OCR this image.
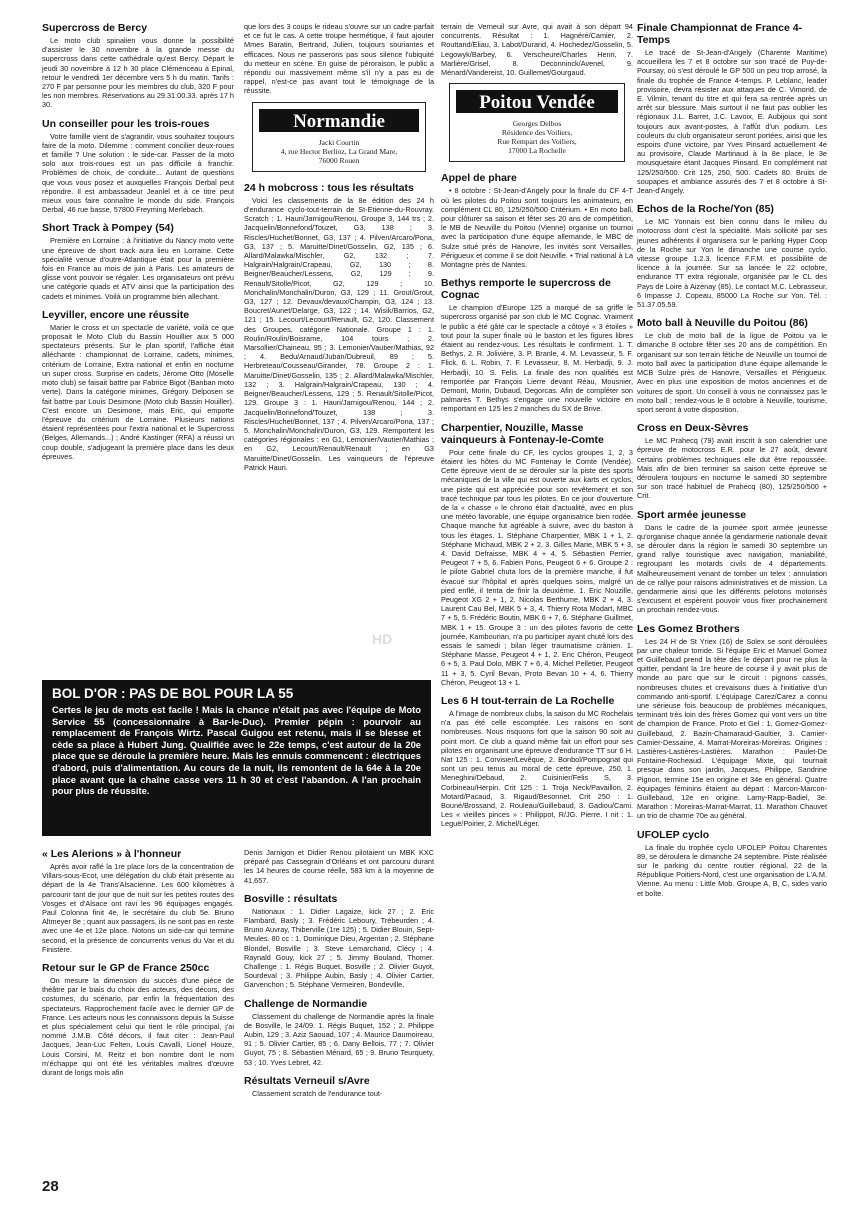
Supercross de Bercy

Le moto club spinalien vous donne la possibilité d'assister le 30 novembre à la grande messe du supercross dans cette cathédrale qu'est Bercy. Départ le jeudi 30 novembre à 12 h 30 place Clémenceau à Epinal, retour le vendredi 1er décembre vers 5 h du matin. Tarifs : 270 F par personne pour les membres du club, 320 F pour les non membres. Réservations au 29.31.00.33. après 17 h 30.

Un conseiller pour les trois-roues

Votre famille vient de s'agrandir, vous souhaitez toujours faire de la moto. Dilemme : comment concilier deux-roues et famille ? Une solution : le side-car. Passer de la moto solo aux trois-roues est un pas difficile à franchir. Problèmes de choix, de conduite... Autant de questions que vous vous posez et auxquelles François Derbal peut répondre. Il est ambassadeur Jeanlel et à ce titre peut mieux vous faire connaître le monde du side. François Derbal, 46 rue basse, 57800 Freyming Merlebach.

Short Track à Pompey (54)

Première en Lorraine : à l'initiative du Nancy moto verte une épreuve de short track aura lieu en Lorraine. Cette spécialité venue d'outre-Atlantique était pour la première fois en France au mois de juin à Paris. Les amateurs de glisse vont pouvoir se régaler. Les organisateurs ont prévu une catégorie quads et ATV ainsi que la participation des cadets et minimes. Voilà un programme bien allechant.

Leyviller, encore une réussite

Marier le cross et un spectacle de variété, voilà ce que proposait le Moto Club du Bassin Houillier aux 5 000 spectateurs présents. Sur le plan sportif, l'affiche était alléchante : championnat de Lorraine, cadets, minimes, critérium de Lorraine, Extra national et enfin en nocturne un super cross. Surprise en cadets, Jérome Otto (Moselle moto club) se faisait battre par Fabrice Bigot (Banban moto verte). Dans la catégorie minimes, Grégory Delposen se fait battre par Louis Desimone (Moto club Bassin Houiller). C'est encore un Desimone, mais Eric, qui emporte l'épreuve du critérium de Lorraine. Plusieurs nations étaient représentées pour l'extra national et le Supercross (Belges, Allemands...) ; André Kastinger (RFA) a réussi un coup double, s'adjugeant la première place dans les deux épreuves.

que lors des 3 coups le rideau s'ouvre sur un cadre parfait et ce fut le cas. A cette troupe hermétique, il faut ajouter Mmes Baratin, Bertrand, Julien, toujours souriantes et efficaces. Nous ne passerons pas sous silence l'ubiquité du metteur en scène. En guise de péroraison, le public a répondu oui massivement même s'il n'y a pas eu de rappel, n'est-ce pas avant tout le témoignage de la réussite.

Normandie
Jacki Courtin
4, rue Hector Berlioz, La Grand Mare,
76000 Rouen
24 h mobcross : tous les résultats

Voici les classements de la 8e édition des 24 h d'endurance cyclo-tout-terrain de St-Etienne-du-Rouvray. Scratch : 1. Hauri/Jarnigou/Renou, Groupe 3, 144 trs ; 2. Jacquelin/Bonnefond/Touzet, G3, 138 ; 3. Riscles/Huchet/Bonnet, G3, 137 ; 4. Pilven/Arcaro/Pona, G3, 137 ; 5. Maruitte/Dinet/Gosselin, G2, 135 ; 6. Allard/Malawka/Mischler, G2, 132 ; 7. Halgrain/Halgrain/Crapeau, G2, 130 ; 8. Beigner/Beaucher/Lessens, G2, 129 ; 9. Renault/Sitolle/Picot, G2, 129 ; 10. Monchalin/Monchalin/Duron, G3, 129 ; 11. Grout/Grout, G3, 127 ; 12. Devaux/devaux/Champin, G3, 124 ; 13. Boucret/Aunet/Delarge, G3, 122 ; 14. Wisik/Barrios, G2, 121 ; 15. Lecourt/Lecourt/Renault, G2, 120. Classement des Groupes, catégorie Nationale. Groupe 1 : 1. Roulin/Roulin/Boisrame, 104 tours ; 2. Marsollier/Chaineau, 95 ; 3. Lemonier/Vautier/Mathias, 92 ; 4. Bedu/Arnaud/Juban/Dubreuil, 89 ; 5. Herbreteau/Cousseau/Girander, 78. Groupe 2 : 1. Maruitte/Dinet/Gosselin, 135 ; 2. Allard/Malawka/Mischler, 132 ; 3. Halgrain/Halgrain/Crapeau, 130 ; 4. Beigner/Beaucher/Lessens, 129 ; 5. Renault/Sitolle/Picot, 129. Groupe 3 : 1. Hauri/Jarnigou/Renou, 144 ; 2. Jacquelin/Bonnefond/Touzet, 138 ; 3. Riscles/Huchet/Bonnet, 137 ; 4. Pilven/Arcaro/Pona, 137 ; 5. Monchalin/Monchalin/Duron, G3, 129. Remportent les catégories régionales : en G1, Lemonier/Vautier/Mathias ; en G2, Lecourt/Renault/Renault ; en G3 Maruitte/Dinet/Gosselin. Les vainqueurs de l'épreuve Patrick Hauri.

terrain de Verneuil sur Avre, qui avait à son départ 94 concurrents. Résultat : 1. Hagnéré/Camier, 2. Routtand/Eliau, 3. Labot/Durand, 4. Hochedez/Gosselin, 5. Legowyk/Barbey, 6. Verscheure/Charles Henri, 7. Marlière/Grisel, 8. Deconninck/Avenel, 9. Ménard/Vandereist, 10. Guillemet/Gourgaud.

Poitou Vendée
Georges Delbos
Résidence des Voiliers,
Rue Rempart des Voiliers,
17000 La Rochelle
Appel de phare

• 8 octobre : St-Jean-d'Angely pour la finale du CF 4-T où les pilotes du Poitou sont toujours les animateurs, en complément CL 80, 125/250/500 Critérium. • En moto ball, pour clôturer sa saison et fêter ses 20 ans de compétition, le MB de Neuville du Poitou (Vienne) organise un tournoi avec la participation d'une équipe allemande, le MBC de Sulze situé près de Hanovre, les invités sont Versailles, Périgueux et comme il se doit Neuville. • Trial national à La Montagne près de Nantes.

Bethys remporte le supercross de Cognac

Le champion d'Europe 125 a marqué de sa griffe le supercross organisé par son club le MC Cognac. Vraiment le public a été gâté car le spectacle a côtoyé « 3 étoiles » tout pour la super finale où le baston et les figures libres étaient au rendez-vous. Les résultats le confirment. 1. T. Bethys, 2. R. Jolivière, 3. P. Branle, 4. M. Levasseur, 5. F. Flick, 6. L. Robin, 7. F. Levasseur, 8. M. Herbadji, 9. J. Herbadji, 10. S. Felis. La finale des non qualifiés est remportée par François Lierre devant Réau, Mousnier, Demont, Morin, Dubaud, Degorcas. Afin de compléter son palmarès T. Bethys s'engage une nouvelle victoire en remportant en 125 les 2 manches du SX de Brive.

Charpentier, Nouzille, Masse vainqueurs à Fontenay-le-Comte

Pour cette finale du CF, les cyclos groupes 1, 2, 3 étaient les hôtes du MC Fontenay le Comte (Vendée). Cette épreuve vient de se dérouler sur la piste des sports mécaniques de la ville qui est ouverte aux karts et cyclos, une piste qui est appréciée pour son revêtement et son tracé technique par tous les pilotes. En ce jour d'ouverture de la « chasse » le chrono était d'actualité, avec en plus une météo favorable, une équipe organisatrice bien rodée. Chaque manche fut agréable à suivre, avec du baston à tous les étages. 1. Stéphane Charpentier, MBK 1 + 1, 2. Stéphane Michaud, MBK 2 + 2, 3. Gilles Marie, MBK 5 + 3, 4. David Defraisse, MBK 4 + 4, 5. Sébastien Perrier, Peugeot 7 + 5, 6. Fabien Pons, Peugeot 6 + 6. Groupe 2 : le pilote Gabriel chuta lors de la première manche, il fut évacué sur l'hôpital et après quelques soins, malgré un pied enflé, il tenta de finir la deuxième. 1. Eric Nouzille, Peugeot XG 2 + 1, 2. Nicolas Berthume, MBK 2 + 4, 3. Laurent Cau Bel, MBK 5 + 3, 4. Thierry Rota Modart, MBC 7 + 5, 5. Frédéric Boutin, MBK 6 + 7, 6. Stéphane Guillmet, MBK 1 + 15. Groupe 3 : un des pilotes favoris de cette journée, Kambourian, n'a pu participer ayant chuté lors des essais le samedi ; bilan léger traumatisme crânien. 1. Stéphane Masse, Peugeot 4 + 1, 2. Eric Chéron, Peugeot 6 + 5, 3. Paul Dolo, MBK 7 + 6, 4. Michel Pelletier, Peugeot 11 + 3, 5. Cyril Bevan, Proto Bevan 10 + 4, 6. Thierry Chéron, Peugeot 13 + 1.

Les 6 H tout-terrain de La Rochelle

A l'image de nombreux clubs, la saison du MC Rochelais n'a pas été celle escomptée. Les raisons en sont nombreuses. Nous risquons fort que la saison 90 soit au point mort. Ce club a quand même fait un effort pour ses pilotes en organisant une épreuve d'endurance TT sur 6 H. Nat 125 : 1. Corvisier/Levêque, 2. Bonbol/Pompognat qui sont un peu tenus au moral de cette épreuve, 250. 1. Meneghini/Debaud, 2. Cuisinier/Felis S, 3. Corbineau/Herpin. Crit 125 : 1. Troja Neck/Pavaillon, 2. Motard/Pacaud, 3. Rigaud/Besonnet. Crit 250 : 1. Bouné/Brossand, 2. Rouleau/Guillebaud, 3. Gadiou/Cami. Les « vieilles pinces » : Philippot, R/JG. Pierre. I nit : 1. Leguë/Poirier, 2. Michel/Léger.

Finale Championnat de France 4-Temps

Le tracé de St-Jean-d'Angely (Charente Maritime) accueillera les 7 et 8 octobre sur son tracé de Puy-de-Poursay, où s'est déroulé le GP 500 un peu trop arrosé, la finale du trophée de France 4-temps. P. Leblanc, leader provisoire, devra résister aux attaques de C. Vimond, de E. Vilmin, tenant du titre et qui fera sa rentrée après un arrêt sur blessure. Mais surtout il ne faut pas oublier les régionaux J.L. Barret, J.C. Lavoix, E. Aubijoux qui sont toujours aux avant-postes, à l'affût d'un podium. Les couleurs du club organisateur seront portées, ainsi que les espoirs d'une victoire, par Yves Pinsard actuellement 4e au provisoire, Claude Martinaud à la 8e place, le 3e mousquetaire étant Jacques Pinsard. En complément nat 125/250/500. Crit 125, 250, 500. Cadets 80. Bruits de soupapes et ambiance assurés des 7 et 8 octobre à St-Jean-d'Angely.

Echos de la Roche/Yon (85)

Le MC Yonnais est bien connu dans le milieu du motocross dont c'est la spécialité. Mais sollicité par ses jeunes adhérents il organisera sur le parking Hyper Coop de la Roche sur Yon le dimanche une course cyclo, vitesse groupe 1.2.3. licence F.F.M. et possibilité de licence à la journée. Sur sa lancée le 22 octobre, endurance TT extra régionale, organisée par le CL des Pays de Loire à Aizenay (85). Le contact M.C. Lebrasseur, 6 Impasse J. Copeau, 85000 La Roche sur Yon. Tél. : 51.37.05.59.

Moto ball à Neuville du Poitou (86)

Le club de moto ball de la ligue de Poitou va le dimanche 8 octobre fêter ses 20 ans de compétition. En organisant sur son terrain fétiche de Neuville un tournoi de moto ball avec la participation d'une équipe allemande le MCB Sulze près de Hanovre, Versailles et Périgueux. Avec en plus une exposition de motos anciennes et de voitures de sport. Un conseil à vous ne connaissez pas le moto ball ; rendez-vous le 8 octobre à Neuville, tourisme, sport seront à votre disposition.

Cross en Deux-Sèvres

Le MC Prahecq (79) avait inscrit à son calendrier une épreuve de motocross E.R. pour le 27 août, devant certains problèmes techniques elle dut être repoussée. Mais afin de bien terminer sa saison cette épreuve se déroulera toujours en nocturne le samedi 30 septembre sur son tracé habituel de Prahecq (80), 125/250/500 + Crit.

Sport armée jeunesse

Dans le cadre de la journée sport armée jeunesse qu'organise chaque année la gendarmerie nationale devait se dérouler dans la région le samedi 30 septembre un grand rallye touristique avec navigation, maniabilité, regroupant les motards civils de 4 départements. Malheureusement venant de tomber un telex : annulation de ce rallye pour raisons administratives et de mission. La gendarmerie ainsi que les différents pelotons motorisés s'excusent et espèrent pouvoir vous fixer prochainement un prochain rendez-vous.

Les Gomez Brothers

Les 24 H de St Yriex (16) de Solex se sont déroulées par une chaleur torride. Si l'équipe Eric et Manuel Gomez et Guillebaud prend la tête dès le départ pour ne plus la quitter, pendant la 1re heure de course il y avait plus de monde au parc que sur le circuit : pignons cassés, nombreuses chutes et crevaisons dues à l'initiative d'un commando anti-sportif. L'équipage Carez/Carez a connu une sérieuse fois beaucoup de problèmes mécaniques, terminant très loin des frères Gomez qui vont vers un titre de champion de France. Proto et Gel : 1. Gomez-Gomez-Guillebaud, 2. Bazin-Chamaraud-Gaultier, 3. Camier-Camier-Dessaine, 4. Marrat-Moreiras-Moreiras. Origines : Lastières-Lastières-Lastières. Marathon : Paulet-De Fontaine-Rocheaud. L'équipage Mixte, qui tournait presque dans son jardin, Jacques, Philippe, Sandrine Pignon, termine 15e en origine et 34e en général. Quatre équipages féminins étaient au départ : Marcon-Marcon-Guillebaud, 12e en origine. Lamy-Rapp-Badiel, 3e. Marathon : Moreiras-Marrat-Marrat, 11. Marathon Chauvet un trio de charme 70e au général.

UFOLEP cyclo

La finale du trophée cyclo UFOLEP Poitou Charentes 89, se déroulera le dimanche 24 septembre. Piste réalisée sur le parking du centre routier régional, 22 de la République Poitiers-Nord, c'est une organisation de L'A.M. Vienne. Au menu : Little Mob. Groupe A, B, C, sides vario et boîte.

BOL D'OR : PAS DE BOL POUR LA 55
Certes le jeu de mots est facile ! Mais la chance n'était pas avec l'équipe de Moto Service 55 (concessionnaire à Bar-le-Duc). Premier pépin : pourvoir au remplacement de François Wirtz. Pascal Guigou est retenu, mais il se blesse et cède sa place à Hubert Jung. Qualifiée avec le 22e temps, c'est autour de la 20e place que se déroule la première heure. Mais les ennuis commencent : électriques d'abord, puis d'alimentation. Au cours de la nuit, ils remontent de la 64e à la 20e place avant que la chaîne casse vers 11 h 30 et c'est l'abandon. A l'an prochain pour plus de réussite.
« Les Alerions » à l'honneur

Après avoir raflé la 1re place lors de la concentration de Villars-sous-Ecot, une délégation du club était présente au départ de la 4e Trans'Alsacienne. Les 600 kilomètres à parcourir tant de jour que de nuit sur les petites routes des Vosges et d'Alsace ont ravi les 96 équipages engagés. Paul Colonna finit 4e, le secrétaire du club 5e. Bruno Altmeyer 8e ; quant aux passagers, ils ne sont pas en reste avec une 4e et 12e place. Notons un side-car qui termine second, et la présence de concurrents venus du Var et du Finistère.

Retour sur le GP de France 250cc

On mesure la dimension du succès d'une pièce de théâtre par le biais du choix des acteurs, des décors, des costumes, du scénario, par enfin la fréquentation des spectateurs. Rapprochement facile avec le dernier GP de France. Les acteurs nous les connaissons depuis la Suisse et plus spécialement celui qui tient le rôle principal, j'ai nommé J.M.B. Côté décors, il faut citer : Jean-Paul Jacques, Jean-Luc Felten, Louis Cavalli, Lionel Houze, Louis Corsini, M. Reitz et bon nombre dont le nom m'échappe qui ont été les véritables maîtres d'œuvre durant de longs mois afin

Denis Jarnigon et Didier Renou pilotaient un MBK KXC préparé pas Cassegrain d'Orléans et ont parcouru durant les 14 heures de course réelle, 583 km à la moyenne de 41,657.

Bosville : résultats

Nationaux : 1. Didier Lagaize, kick 27 ; 2. Eric Flambard, Basly ; 3. Frédéric Leboury, Trébeurden ; 4. Bruno Auvray, Thiberville (1re 125) ; 5. Didier Blouin, Sept-Meules. 80 cc : 1. Dominique Dieu, Argentan ; 2. Stéphane Blondel, Bosville ; 3. Steve Lemarchand, Clécy ; 4. Raynald Gouy, kick 27 ; 5. Jimmy Bouland, Thomer. Challenge : 1. Régis Buquet, Bosville ; 2. Olivier Guyot, Sourdeval ; 3. Philippe Aubin, Basly ; 4. Olivier Cartier, Garvenchon ; 5. Stéphane Vermeiren, Bondeville.

Challenge de Normandie

Classement du challenge de Normandie après la finale de Bosville, le 24/09. 1. Régis Buquet, 152 ; 2. Philippe Aubin, 129 ; 3. Aziz Saouad, 107 ; 4. Maurice Daumoireau, 91 ; 5. Olivier Cartier, 85 ; 6. Dany Bellois, 77 ; 7. Olivier Guyot, 75 ; 8. Sébastien Ménard, 65 ; 9. Bruno Teurquety, 53 ; 10. Yves Lebret, 42.

Résultats Verneuil s/Avre

Classement scratch de l'endurance tout-

HD
28
